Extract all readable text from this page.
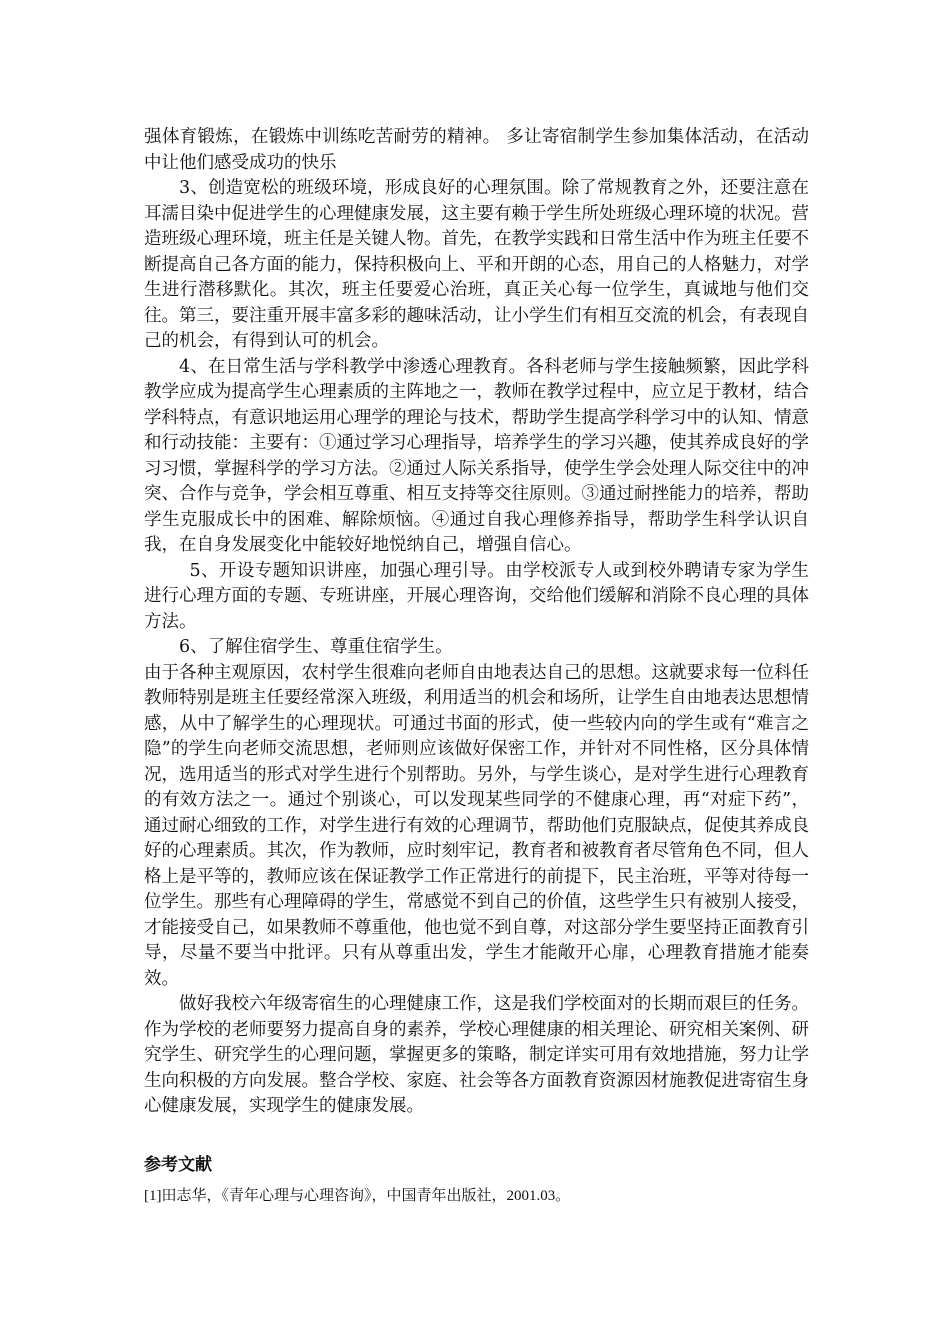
强体育锻炼，在锻炼中训练吃苦耐劳的精神。 多让寄宿制学生参加集体活动，在活动中让他们感受成功的快乐

3、创造宽松的班级环境，形成良好的心理氛围。除了常规教育之外，还要注意在耳濡目染中促进学生的心理健康发展，这主要有赖于学生所处班级心理环境的状况。营造班级心理环境，班主任是关键人物。首先，在教学实践和日常生活中作为班主任要不断提高自己各方面的能力，保持积极向上、平和开朗的心态，用自己的人格魅力，对学生进行潜移默化。其次，班主任要爱心治班，真正关心每一位学生，真诚地与他们交往。第三，要注重开展丰富多彩的趣味活动，让小学生们有相互交流的机会，有表现自己的机会，有得到认可的机会。

4、在日常生活与学科教学中渗透心理教育。各科老师与学生接触频繁，因此学科教学应成为提高学生心理素质的主阵地之一，教师在教学过程中，应立足于教材，结合学科特点，有意识地运用心理学的理论与技术，帮助学生提高学科学习中的认知、情意和行动技能：主要有：①通过学习心理指导，培养学生的学习兴趣，使其养成良好的学习习惯，掌握科学的学习方法。②通过人际关系指导，使学生学会处理人际交往中的冲突、合作与竞争，学会相互尊重、相互支持等交往原则。③通过耐挫能力的培养，帮助学生克服成长中的困难、解除烦恼。④通过自我心理修养指导，帮助学生科学认识自我，在自身发展变化中能较好地悦纳自己，增强自信心。

5、开设专题知识讲座，加强心理引导。由学校派专人或到校外聘请专家为学生进行心理方面的专题、专班讲座，开展心理咨询，交给他们缓解和消除不良心理的具体方法。

6、了解住宿学生、尊重住宿学生。

由于各种主观原因，农村学生很难向老师自由地表达自己的思想。这就要求每一位科任教师特别是班主任要经常深入班级，利用适当的机会和场所，让学生自由地表达思想情感，从中了解学生的心理现状。可通过书面的形式，使一些较内向的学生或有“难言之隐”的学生向老师交流思想，老师则应该做好保密工作，并针对不同性格，区分具体情况，选用适当的形式对学生进行个别帮助。另外，与学生谈心，是对学生进行心理教育的有效方法之一。通过个别谈心，可以发现某些同学的不健康心理，再“对症下药”，通过耐心细致的工作，对学生进行有效的心理调节，帮助他们克服缺点，促使其养成良好的心理素质。其次，作为教师，应时刻牢记，教育者和被教育者尽管角色不同，但人格上是平等的，教师应该在保证教学工作正常进行的前提下，民主治班，平等对待每一位学生。那些有心理障碍的学生，常感觉不到自己的价值，这些学生只有被别人接受，才能接受自己，如果教师不尊重他，他也觉不到自尊，对这部分学生要坚持正面教育引导，尽量不要当中批评。只有从尊重出发，学生才能敞开心扉，心理教育措施才能奏效。

做好我校六年级寄宿生的心理健康工作，这是我们学校面对的长期而艰巨的任务。作为学校的老师要努力提高自身的素养，学校心理健康的相关理论、研究相关案例、研究学生、研究学生的心理问题，掌握更多的策略，制定详实可用有效地措施，努力让学生向积极的方向发展。整合学校、家庭、社会等各方面教育资源因材施教促进寄宿生身心健康发展，实现学生的健康发展。

参考文献

[1]田志华，《青年心理与心理咨询》，中国青年出版社，2001.03。
